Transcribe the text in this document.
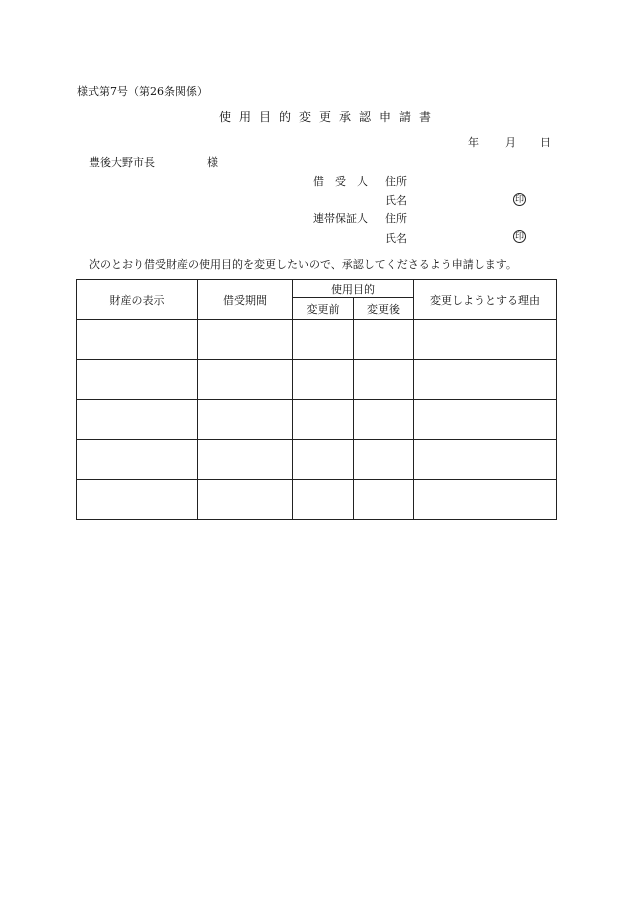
様式第7号（第26条関係）
使用目的変更承認申請書
年 月 日
豊後大野市長	様
借受人 住所
氏名	印
連帯保証人 住所
氏名	印
次のとおり借受財産の使用目的を変更したいので、承認してくださるよう申請します。
財産の表示	借受期間	使用目的		変更しようとする理由
		変更前	変更後	
